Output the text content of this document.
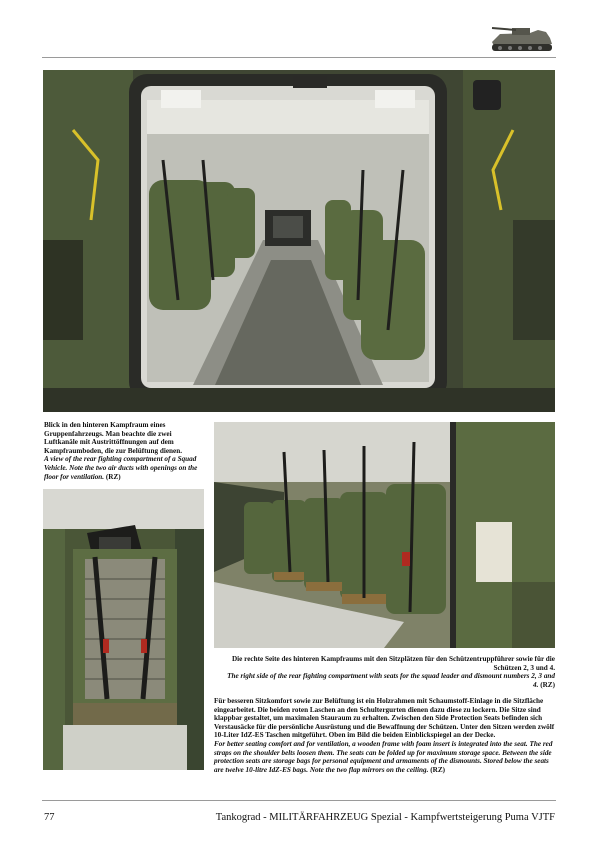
Blick in den hinteren Kampfraum eines Gruppenfahrzeugs. Man beachte die zwei Luftkanäle mit Austrittöffnungen auf dem Kampfraumboden, die zur Belüftung dienen.
A view of the rear fighting compartment of a Squad Vehicle. Note the two air ducts with openings on the floor for ventilation. (RZ)
Die rechte Seite des hinteren Kampfraums mit den Sitzplätzen für den Schützentruppführer sowie für die Schützen 2, 3 und 4.
The right side of the rear fighting compartment with seats for the squad leader and dismount numbers 2, 3 and 4. (RZ)
Für besseren Sitzkomfort sowie zur Belüftung ist ein Holzrahmen mit Schaumstoff-Einlage in die Sitzfläche eingearbeitet. Die beiden roten Laschen an den Schultergurten dienen dazu diese zu lockern. Die Sitze sind klappbar gestaltet, um maximalen Stauraum zu erhalten. Zwischen den Side Protection Seats befinden sich Verstausäcke für die persönliche Ausrüstung und die Bewaffnung der Schützen. Unter den Sitzen werden zwölf 10-Liter IdZ-ES Taschen mitgeführt. Oben im Bild die beiden Einblickspiegel an der Decke.
For better seating comfort and for ventilation, a wooden frame with foam insert is integrated into the seat. The red straps on the shoulder belts loosen them. The seats can be folded up for maximum storage space. Between the side protection seats are storage bags for personal equipment and armaments of the dismounts. Stored below the seats are twelve 10-litre IdZ-ES bags. Note the two flap mirrors on the ceiling. (RZ)
77	Tankograd - MILITÄRFAHRZEUG Spezial - Kampfwertsteigerung Puma VJTF
